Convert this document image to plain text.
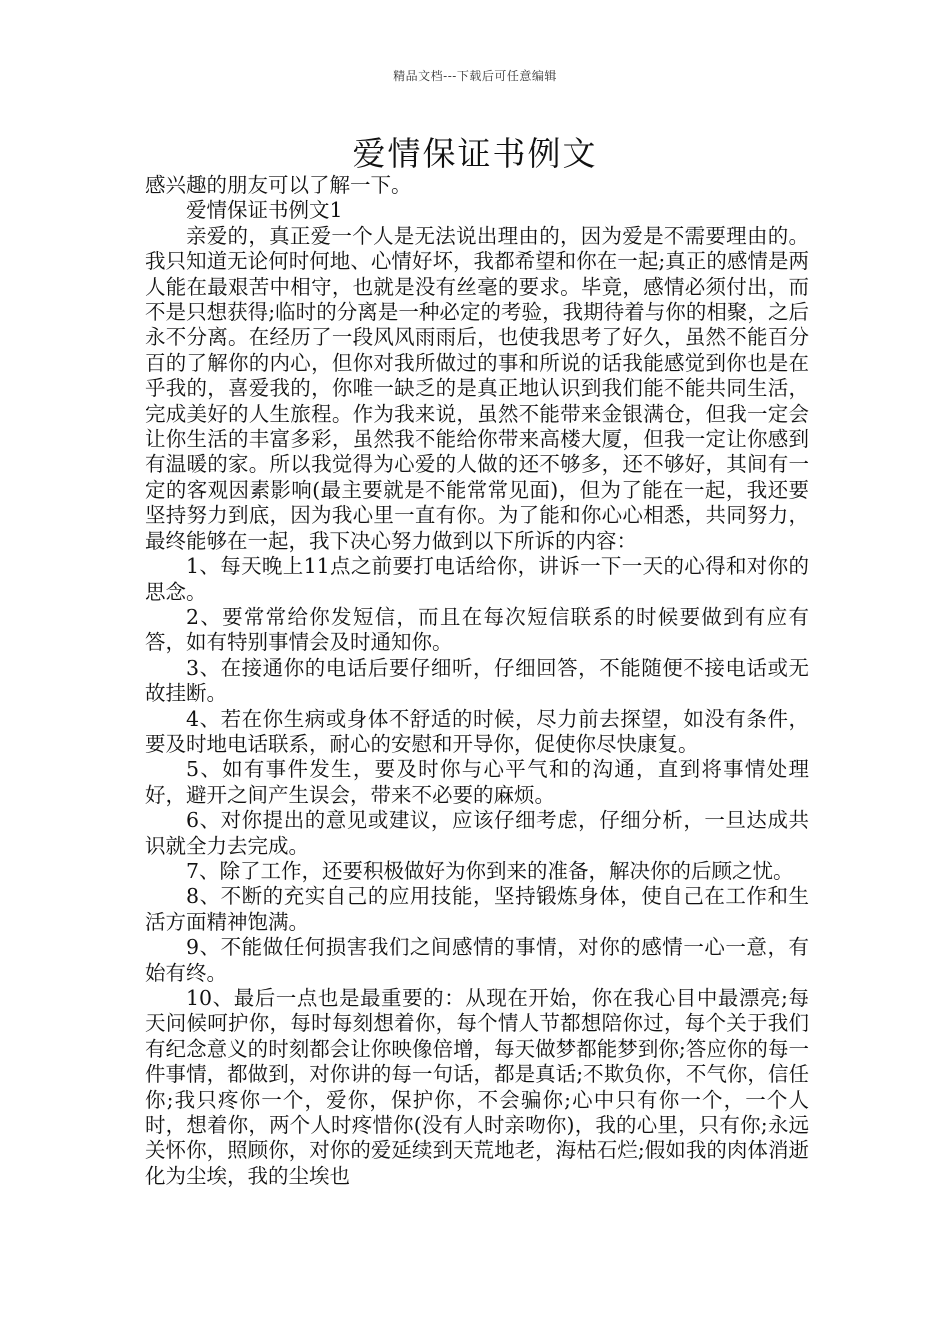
精品文档---下载后可任意编辑
爱情保证书例文

感兴趣的朋友可以了解一下。

爱情保证书例文1

亲爱的，真正爱一个人是无法说出理由的，因为爱是不需要理由的。我只知道无论何时何地、心情好坏，我都希望和你在一起;真正的感情是两人能在最艰苦中相守，也就是没有丝毫的要求。毕竟，感情必须付出，而不是只想获得;临时的分离是一种必定的考验，我期待着与你的相聚，之后永不分离。在经历了一段风风雨雨后，也使我思考了好久，虽然不能百分百的了解你的内心，但你对我所做过的事和所说的话我能感觉到你也是在乎我的，喜爱我的，你唯一缺乏的是真正地认识到我们能不能共同生活，完成美好的人生旅程。作为我来说，虽然不能带来金银满仓，但我一定会让你生活的丰富多彩，虽然我不能给你带来高楼大厦，但我一定让你感到有温暖的家。所以我觉得为心爱的人做的还不够多，还不够好，其间有一定的客观因素影响(最主要就是不能常常见面)，但为了能在一起，我还要坚持努力到底，因为我心里一直有你。为了能和你心心相悉，共同努力，最终能够在一起，我下决心努力做到以下所诉的内容：

1、每天晚上11点之前要打电话给你，讲诉一下一天的心得和对你的思念。

2、要常常给你发短信，而且在每次短信联系的时候要做到有应有答，如有特别事情会及时通知你。

3、在接通你的电话后要仔细听，仔细回答，不能随便不接电话或无故挂断。

4、若在你生病或身体不舒适的时候，尽力前去探望，如没有条件，要及时地电话联系，耐心的安慰和开导你，促使你尽快康复。

5、如有事件发生，要及时你与心平气和的沟通，直到将事情处理好，避开之间产生误会，带来不必要的麻烦。

6、对你提出的意见或建议，应该仔细考虑，仔细分析，一旦达成共识就全力去完成。

7、除了工作，还要积极做好为你到来的准备，解决你的后顾之忧。

8、不断的充实自己的应用技能，坚持锻炼身体，使自己在工作和生活方面精神饱满。

9、不能做任何损害我们之间感情的事情，对你的感情一心一意，有始有终。

10、最后一点也是最重要的：从现在开始，你在我心目中最漂亮;每天问候呵护你，每时每刻想着你，每个情人节都想陪你过，每个关于我们有纪念意义的时刻都会让你映像倍增，每天做梦都能梦到你;答应你的每一件事情，都做到，对你讲的每一句话，都是真话;不欺负你，不气你，信任你;我只疼你一个，爱你，保护你，不会骗你;心中只有你一个，一个人时，想着你，两个人时疼惜你(没有人时亲吻你)，我的心里，只有你;永远关怀你，照顾你，对你的爱延续到天荒地老，海枯石烂;假如我的肉体消逝化为尘埃，我的尘埃也
